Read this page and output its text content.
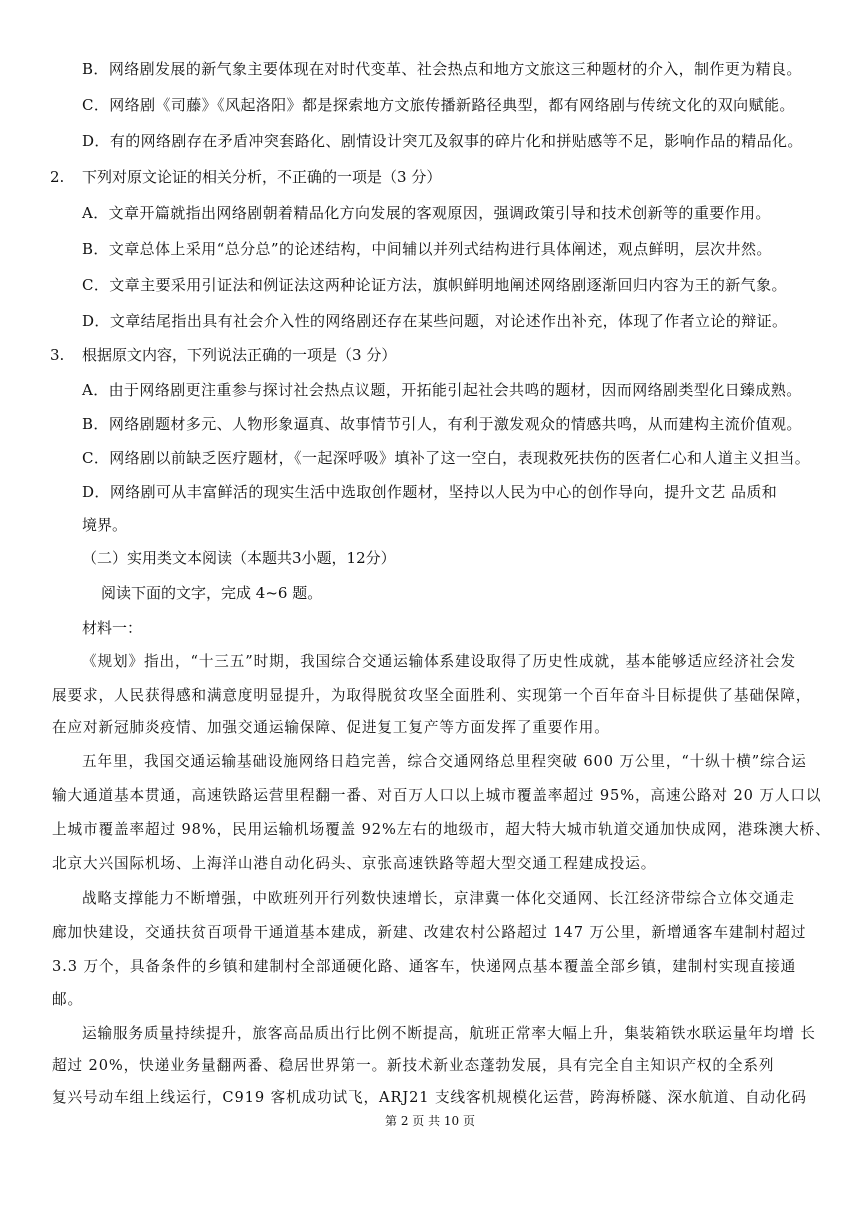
B．网络剧发展的新气象主要体现在对时代变革、社会热点和地方文旅这三种题材的介入，制作更为精良。
C．网络剧《司藤》《风起洛阳》都是探索地方文旅传播新路径典型，都有网络剧与传统文化的双向赋能。
D．有的网络剧存在矛盾冲突套路化、剧情设计突兀及叙事的碎片化和拼贴感等不足，影响作品的精品化。
2. 下列对原文论证的相关分析，不正确的一项是（3 分）
A．文章开篇就指出网络剧朝着精品化方向发展的客观原因，强调政策引导和技术创新等的重要作用。
B．文章总体上采用“总分总”的论述结构，中间辅以并列式结构进行具体阐述，观点鲜明，层次井然。
C．文章主要采用引证法和例证法这两种论证方法，旗帜鲜明地阐述网络剧逐渐回归内容为王的新气象。
D．文章结尾指出具有社会介入性的网络剧还存在某些问题，对论述作出补充，体现了作者立论的辩证。
3. 根据原文内容，下列说法正确的一项是（3 分）
A．由于网络剧更注重参与探讨社会热点议题，开拓能引起社会共鸣的题材，因而网络剧类型化日臻成熟。
B．网络剧题材多元、人物形象逼真、故事情节引人，有利于激发观众的情感共鸣，从而建构主流价值观。
C．网络剧以前缺乏医疗题材，《一起深呼吸》填补了这一空白，表现救死扶伤的医者仁心和人道主义担当。
D．网络剧可从丰富鲜活的现实生活中选取创作题材，坚持以人民为中心的创作导向，提升文艺 品质和
境界。
（二）实用类文本阅读（本题共3小题，12分）
阅读下面的文字，完成 4~6 题。
材料一：
《规划》指出，“十三五”时期，我国综合交通运输体系建设取得了历史性成就，基本能够适应经济社会发
展要求，人民获得感和满意度明显提升，为取得脱贫攻坚全面胜利、实现第一个百年奋斗目标提供了基础保障，
在应对新冠肺炎疫情、加强交通运输保障、促进复工复产等方面发挥了重要作用。
五年里，我国交通运输基础设施网络日趋完善，综合交通网络总里程突破 600 万公里，“十纵十横”综合运
输大通道基本贯通，高速铁路运营里程翻一番、对百万人口以上城市覆盖率超过 95%，高速公路对 20 万人口以
上城市覆盖率超过 98%，民用运输机场覆盖 92%左右的地级市，超大特大城市轨道交通加快成网，港珠澳大桥、
北京大兴国际机场、上海洋山港自动化码头、京张高速铁路等超大型交通工程建成投运。
战略支撑能力不断增强，中欧班列开行列数快速增长，京津冀一体化交通网、长江经济带综合立体交通走
廊加快建设，交通扶贫百项骨干通道基本建成，新建、改建农村公路超过 147 万公里，新增通客车建制村超过
3.3 万个，具备条件的乡镇和建制村全部通硬化路、通客车，快递网点基本覆盖全部乡镇，建制村实现直接通
邮。
运输服务质量持续提升，旅客高品质出行比例不断提高，航班正常率大幅上升，集装箱铁水联运量年均增 长
超过 20%，快递业务量翻两番、稳居世界第一。新技术新业态蓬勃发展，具有完全自主知识产权的全系列
复兴号动车组上线运行，C919 客机成功试飞，ARJ21 支线客机规模化运营，跨海桥隧、深水航道、自动化码
第 2 页 共 10 页
